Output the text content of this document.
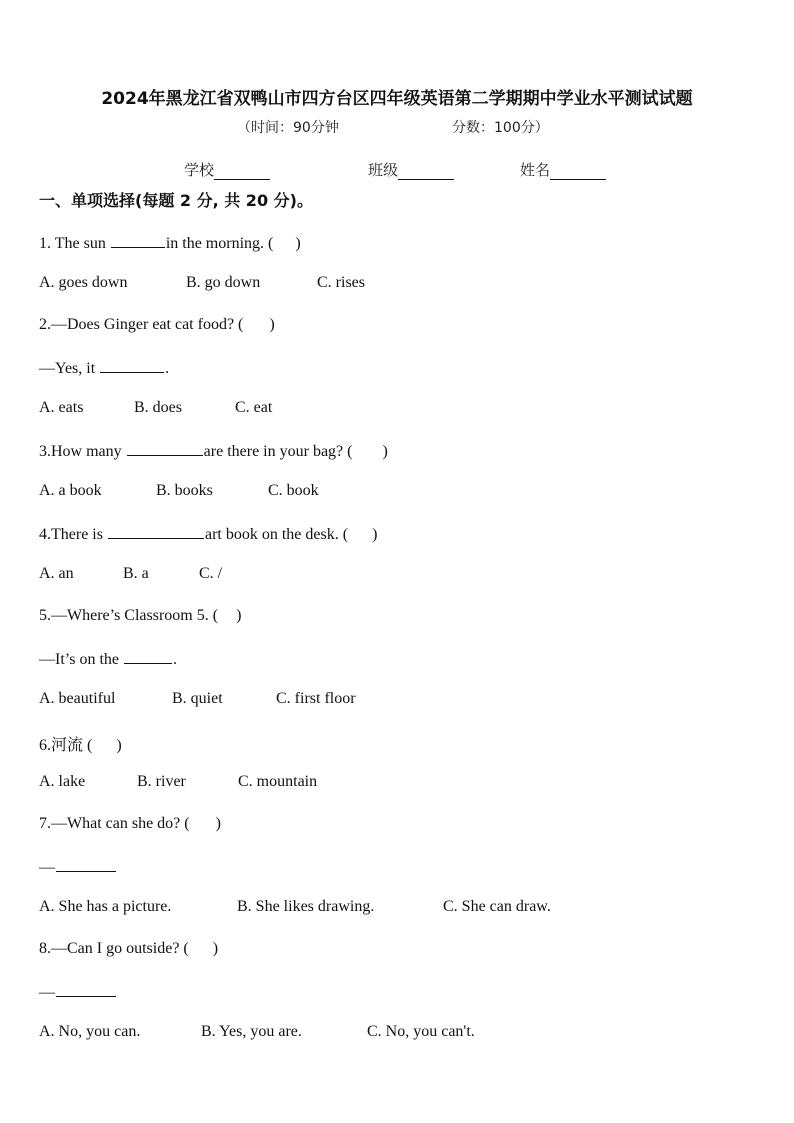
2024年黑龙江省双鸭山市四方台区四年级英语第二学期期中学业水平测试试题
（时间：90分钟	分数：100分）
学校	班级	姓名
一、单项选择(每题 2 分, 共 20 分)。
1. The sun	in the morning. ( )
A. goes down	B. go down	C. rises
2.—Does Ginger eat cat food? ( )
—Yes, it	.
A. eats	B. does	C. eat
3.How many	are there in your bag? ( )
A. a book	B. books	C. book
4.There is	art book on the desk. ( )
A. an	B. a	C. /
5.—Where’s Classroom 5. ( )
—It’s on the	.
A. beautiful	B. quiet	C. first floor
6.河流 ( )
A. lake	B. river	C. mountain
7.—What can she do? ( )
—
A. She has a picture.	B. She likes drawing.	C. She can draw.
8.—Can I go outside? ( )
—
A. No, you can.	B. Yes, you are.	C. No, you can't.
